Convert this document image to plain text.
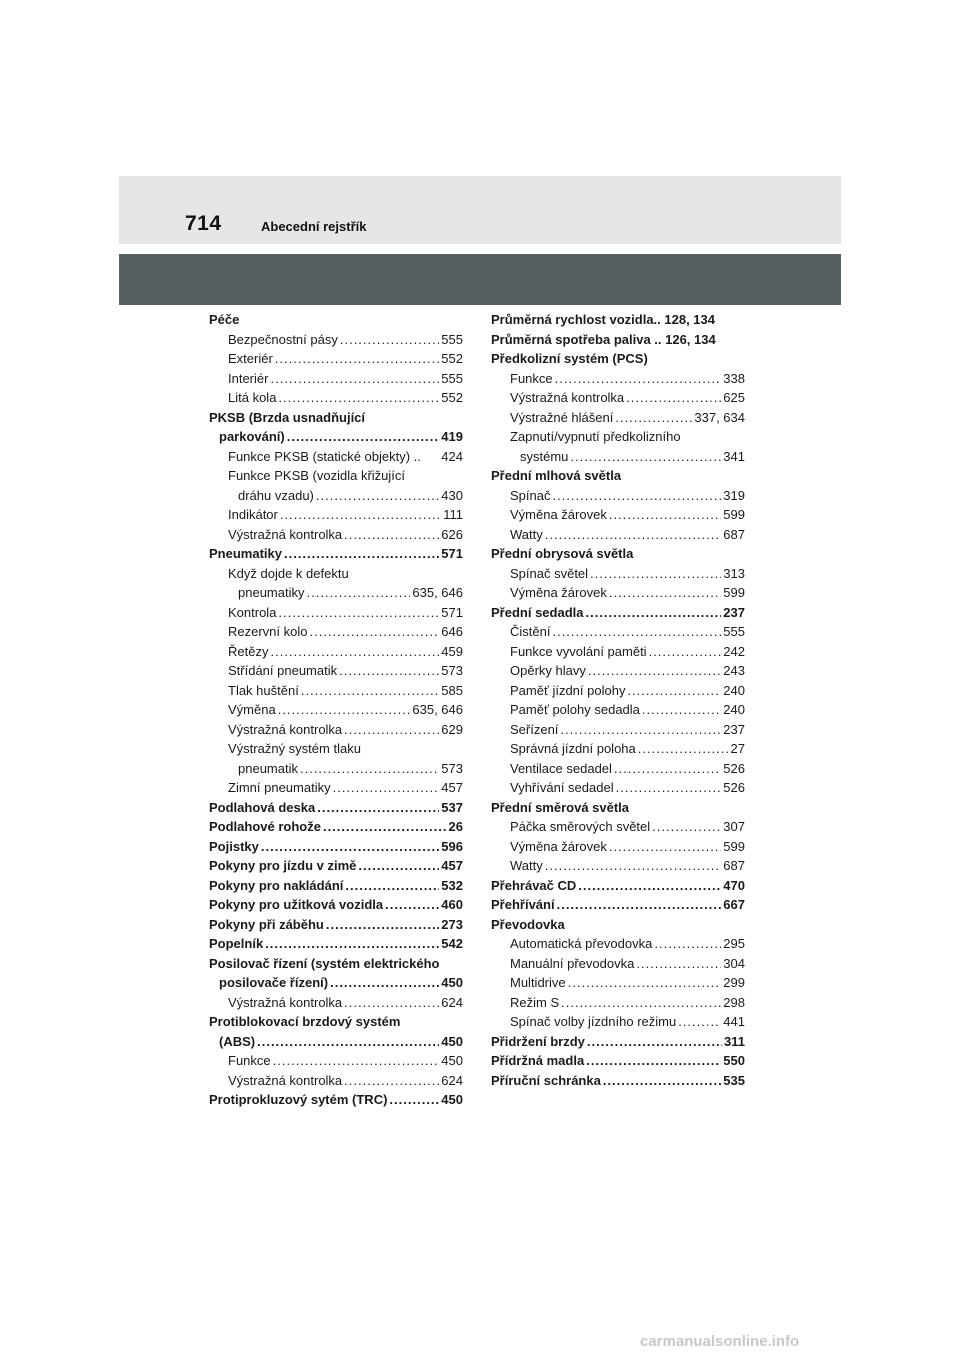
714	Abecední rejstřík
Péče
Bezpečnostní pásy .....	555
Exteriér .....	552
Interiér .....	555
Litá kola .....	552
PKSB (Brzda usnadňující
parkování) .....	419
Funkce PKSB (statické objekty) .. 424
Funkce PKSB (vozidla křižující
dráhu vzadu) .....	430
Indikátor .....	111
Výstražná kontrolka .....	626
Pneumatiky .....	571
Když dojde k defektu
pneumatiky .....	635, 646
Kontrola .....	571
Rezervní kolo .....	646
Řetězy .....	459
Střídání pneumatik .....	573
Tlak huštění .....	585
Výměna .....	635, 646
Výstražná kontrolka .....	629
Výstražný systém tlaku
pneumatik .....	573
Zimní pneumatiky .....	457
Podlahová deska .....	537
Podlahové rohože .....	26
Pojistky .....	596
Pokyny pro jízdu v zimě .....	457
Pokyny pro nakládání .....	532
Pokyny pro užitková vozidla .....	460
Pokyny při záběhu .....	273
Popelník .....	542
Posilovač řízení (systém elektrického
posilovače řízení) .....	450
Výstražná kontrolka .....	624
Protiblokovací brzdový systém
(ABS) .....	450
Funkce .....	450
Výstražná kontrolka .....	624
Protiprokluzový sytém (TRC) .....	450
Průměrná rychlost vozidla.. 128, 134
Průměrná spotřeba paliva .. 126, 134
Předkolizní systém (PCS)
Funkce .....	338
Výstražná kontrolka .....	625
Výstražné hlášení .....	337, 634
Zapnutí/vypnutí předkolizního
systému .....	341
Přední mlhová světla
Spínač .....	319
Výměna žárovek .....	599
Watty .....	687
Přední obrysová světla
Spínač světel .....	313
Výměna žárovek .....	599
Přední sedadla .....	237
Čistění .....	555
Funkce vyvolání paměti .....	242
Opěrky hlavy .....	243
Paměť jízdní polohy .....	240
Paměť polohy sedadla .....	240
Seřízení .....	237
Správná jízdní poloha .....	27
Ventilace sedadel .....	526
Vyhřívání sedadel .....	526
Přední směrová světla
Páčka směrových světel .....	307
Výměna žárovek .....	599
Watty .....	687
Přehrávač CD .....	470
Přehřívání .....	667
Převodovka
Automatická převodovka .....	295
Manuální převodovka .....	304
Multidrive .....	299
Režim S .....	298
Spínač volby jízdního režimu .....	441
Přidržení brzdy .....	311
Přídržná madla .....	550
Příruční schránka .....	535
carmanualsonline.info
